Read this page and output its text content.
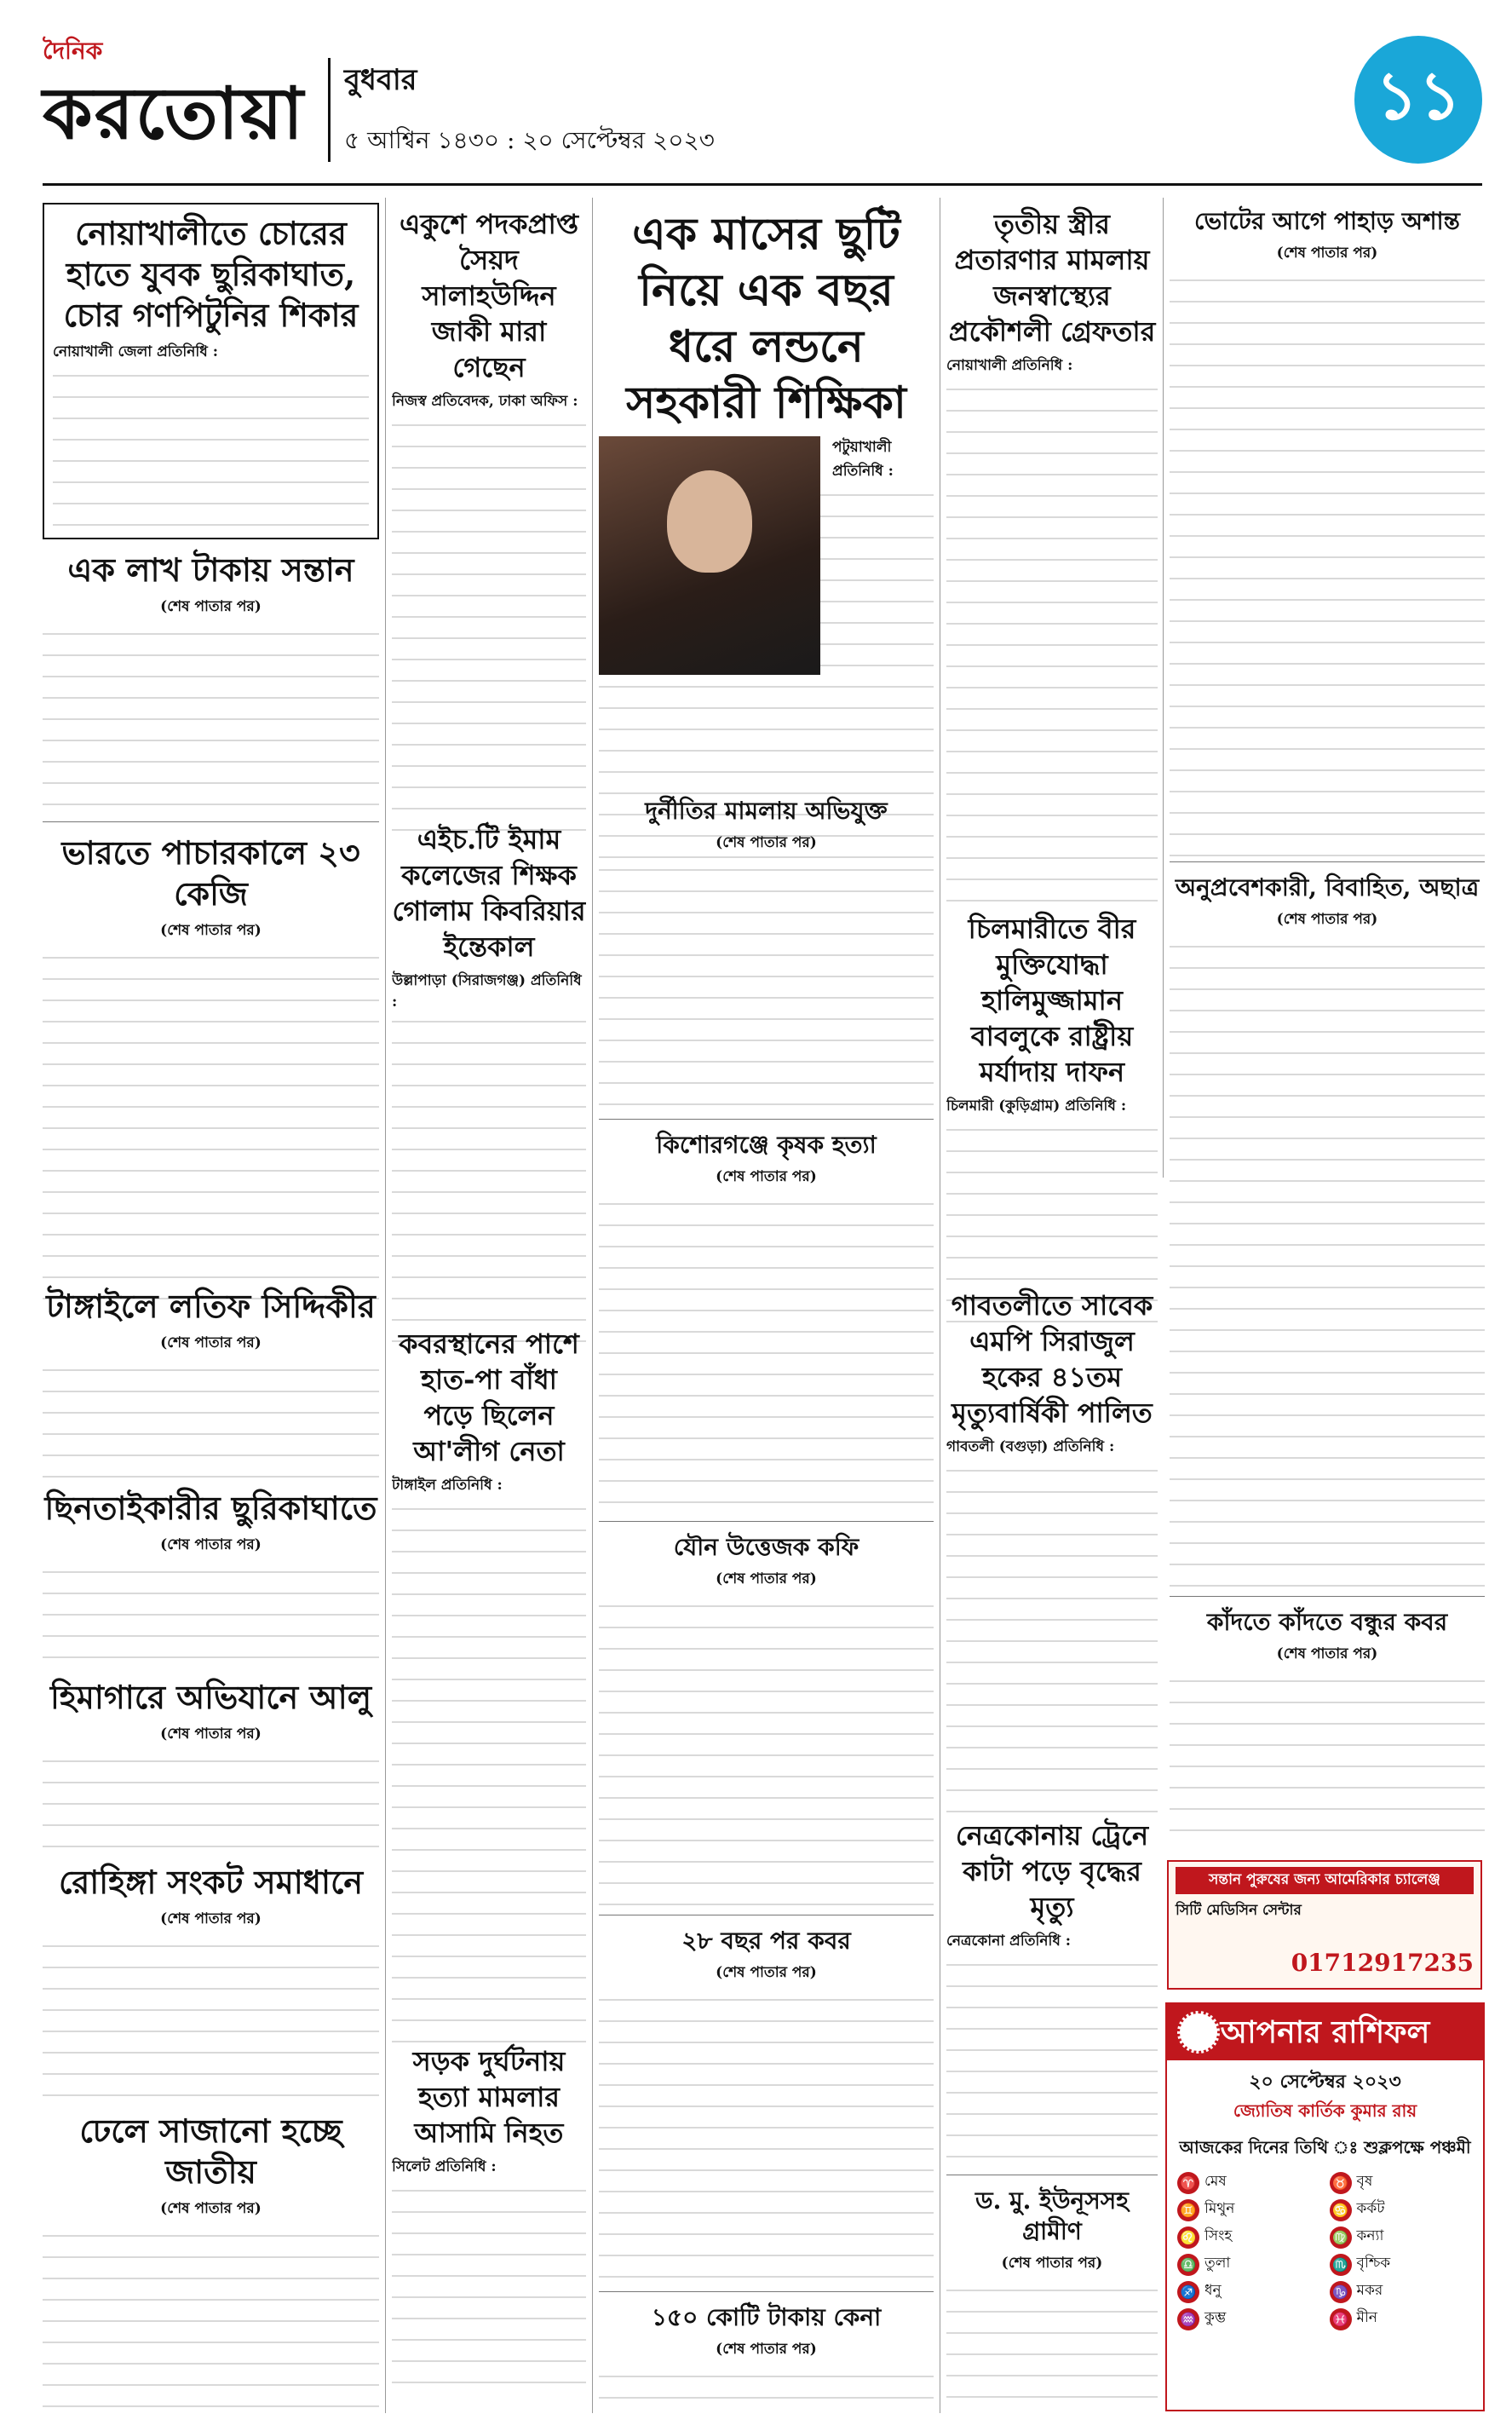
দৈনিক
করতোয়া বুধবার
৫ আশ্বিন ১৪৩০ : ২০ সেপ্টেম্বর ২০২৩
১১
নোয়াখালীতে চোরের হাতে যুবক ছুরিকাঘাত, চোর গণপিটুনির শিকার
নোয়াখালী জেলা প্রতিনিধি :
এক লাখ টাকায় সন্তান
(শেষ পাতার পর)
ভারতে পাচারকালে ২৩ কেজি
(শেষ পাতার পর)
টাঙ্গাইলে লতিফ সিদ্দিকীর
(শেষ পাতার পর)
ছিনতাইকারীর ছুরিকাঘাতে
(শেষ পাতার পর)
হিমাগারে অভিযানে আলু
(শেষ পাতার পর)
রোহিঙ্গা সংকট সমাধানে
(শেষ পাতার পর)
ঢেলে সাজানো হচ্ছে জাতীয়
(শেষ পাতার পর)
একুশে পদকপ্রাপ্ত সৈয়দ সালাহউদ্দিন জাকী মারা গেছেন
নিজস্ব প্রতিবেদক, ঢাকা অফিস :
এইচ.টি ইমাম কলেজের শিক্ষক গোলাম কিবরিয়ার ইন্তেকাল
উল্লাপাড়া (সিরাজগঞ্জ) প্রতিনিধি :
কবরস্থানের পাশে হাত-পা বাঁধা পড়ে ছিলেন আ'লীগ নেতা
টাঙ্গাইল প্রতিনিধি :
সড়ক দুর্ঘটনায় হত্যা মামলার আসামি নিহত
সিলেট প্রতিনিধি :
এক মাসের ছুটি নিয়ে এক বছর ধরে লন্ডনে সহকারী শিক্ষিকা
পটুয়াখালী প্রতিনিধি :
দুর্নীতির মামলায় অভিযুক্ত
(শেষ পাতার পর)
কিশোরগঞ্জে কৃষক হত্যা
(শেষ পাতার পর)
যৌন উত্তেজক কফি
(শেষ পাতার পর)
২৮ বছর পর কবর
(শেষ পাতার পর)
১৫০ কোটি টাকায় কেনা
(শেষ পাতার পর)
তৃতীয় স্ত্রীর প্রতারণার মামলায় জনস্বাস্থ্যের প্রকৌশলী গ্রেফতার
নোয়াখালী প্রতিনিধি :
চিলমারীতে বীর মুক্তিযোদ্ধা হালিমুজ্জামান বাবলুকে রাষ্ট্রীয় মর্যাদায় দাফন
চিলমারী (কুড়িগ্রাম) প্রতিনিধি :
গাবতলীতে সাবেক এমপি সিরাজুল হকের ৪১তম মৃত্যুবার্ষিকী পালিত
গাবতলী (বগুড়া) প্রতিনিধি :
নেত্রকোনায় ট্রেনে কাটা পড়ে বৃদ্ধের মৃত্যু
নেত্রকোনা প্রতিনিধি :
ড. মু. ইউনূসসহ গ্রামীণ
(শেষ পাতার পর)
ভোটের আগে পাহাড় অশান্ত
(শেষ পাতার পর)
অনুপ্রবেশকারী, বিবাহিত, অছাত্র
(শেষ পাতার পর)
কাঁদতে কাঁদতে বন্ধুর কবর
(শেষ পাতার পর)
সন্তান পুরুষের জন্য আমেরিকার চ্যালেঞ্জ
সিটি মেডিসিন সেন্টার
01712917235
আপনার রাশিফল
২০ সেপ্টেম্বর ২০২৩
জ্যোতিষ কার্তিক কুমার রায়
আজকের দিনের তিথি ঃ শুক্লপক্ষে পঞ্চমী
♈ মেষ	♉ বৃষ
♊ মিথুন	♋ কর্কট
♌ সিংহ	♍ কন্যা
♎ তুলা	♏ বৃশ্চিক
♐ ধনু	♑ মকর
♒ কুম্ভ	♓ মীন
